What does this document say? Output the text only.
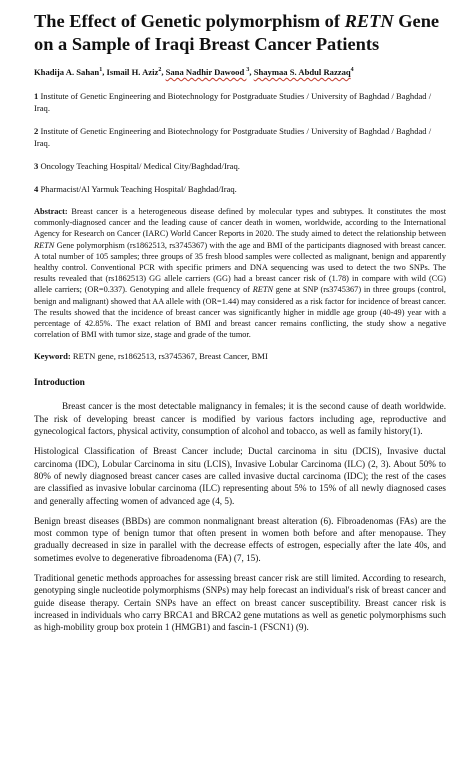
The Effect of Genetic polymorphism of RETN Gene on a Sample of Iraqi Breast Cancer Patients
Khadija A. Sahan$^1$, Ismail H. Aziz$^2$, Sana Nadhir Dawood $^3$, Shaymaa S. Abdul Razzaq$^4$

1 Institute of Genetic Engineering and Biotechnology for Postgraduate Studies / University of Baghdad / Baghdad / Iraq.

2 Institute of Genetic Engineering and Biotechnology for Postgraduate Studies / University of Baghdad / Baghdad / Iraq.

3 Oncology Teaching Hospital/ Medical City/Baghdad/Iraq.

4 Pharmacist/Al Yarmuk Teaching Hospital/ Baghdad/Iraq.

Abstract: Breast cancer is a heterogeneous disease defined by molecular types and subtypes. It constitutes the most commonly-diagnosed cancer and the leading cause of cancer death in women, worldwide, according to the International Agency for Research on Cancer (IARC) World Cancer Reports in 2020. The study aimed to detect the relationship between RETN Gene polymorphism (rs1862513, rs3745367) with the age and BMI of the participants diagnosed with breast cancer. A total number of 105 samples; three groups of 35 fresh blood samples were collected as malignant, benign and apparently healthy control. Conventional PCR with specific primers and DNA sequencing was used to detect the two SNPs. The results revealed that (rs1862513) GG allele carriers (GG) had a breast cancer risk of (1.78) in compare with wild (CG) allele carriers; (OR=0.337). Genotyping and allele frequency of RETN gene at SNP (rs3745367) in three groups (control, benign and malignant) showed that AA allele with (OR=1.44) may considered as a risk factor for incidence of breast cancer. The results showed that the incidence of breast cancer was significantly higher in middle age group (40-49) year with a percentage of 42.85%. The exact relation of BMI and breast cancer remains conflicting, the study show a negative correlation of BMI with tumor size, stage and grade of the tumor.

Keyword: RETN gene, rs1862513, rs3745367, Breast Cancer, BMI

Introduction

Breast cancer is the most detectable malignancy in females; it is the second cause of death worldwide. The risk of developing breast cancer is modified by various factors including age, reproductive and gynecological factors, physical activity, consumption of alcohol and tobacco, as well as family history(1).

Histological Classification of Breast Cancer include; Ductal carcinoma in situ (DCIS), Invasive ductal carcinoma (IDC), Lobular Carcinoma in situ (LCIS), Invasive Lobular Carcinoma (ILC) (2, 3). About 50% to 80% of newly diagnosed breast cancer cases are called invasive ductal carcinoma (IDC); the rest of the cases are classified as invasive lobular carcinoma (ILC) representing about 5% to 15% of all newly diagnosed cases and generally affecting women of advanced age (4, 5).

Benign breast diseases (BBDs) are common nonmalignant breast alteration (6). Fibroadenomas (FAs) are the most common type of benign tumor that often present in women both before and after menopause. They gradually decreased in size in parallel with the decrease effects of estrogen, especially after the late 40s, and sometimes evolve to degenerative fibroadenoma (FA) (7, 15).

Traditional genetic methods approaches for assessing breast cancer risk are still limited. According to research, genotyping single nucleotide polymorphisms (SNPs) may help forecast an individual's risk of breast cancer and guide disease therapy. Certain SNPs have an effect on breast cancer susceptibility. Breast cancer risk is increased in individuals who carry BRCA1 and BRCA2 gene mutations as well as genetic polymorphisms such as high-mobility group box protein 1 (HMGB1) and fascin-1 (FSCN1) (9).
